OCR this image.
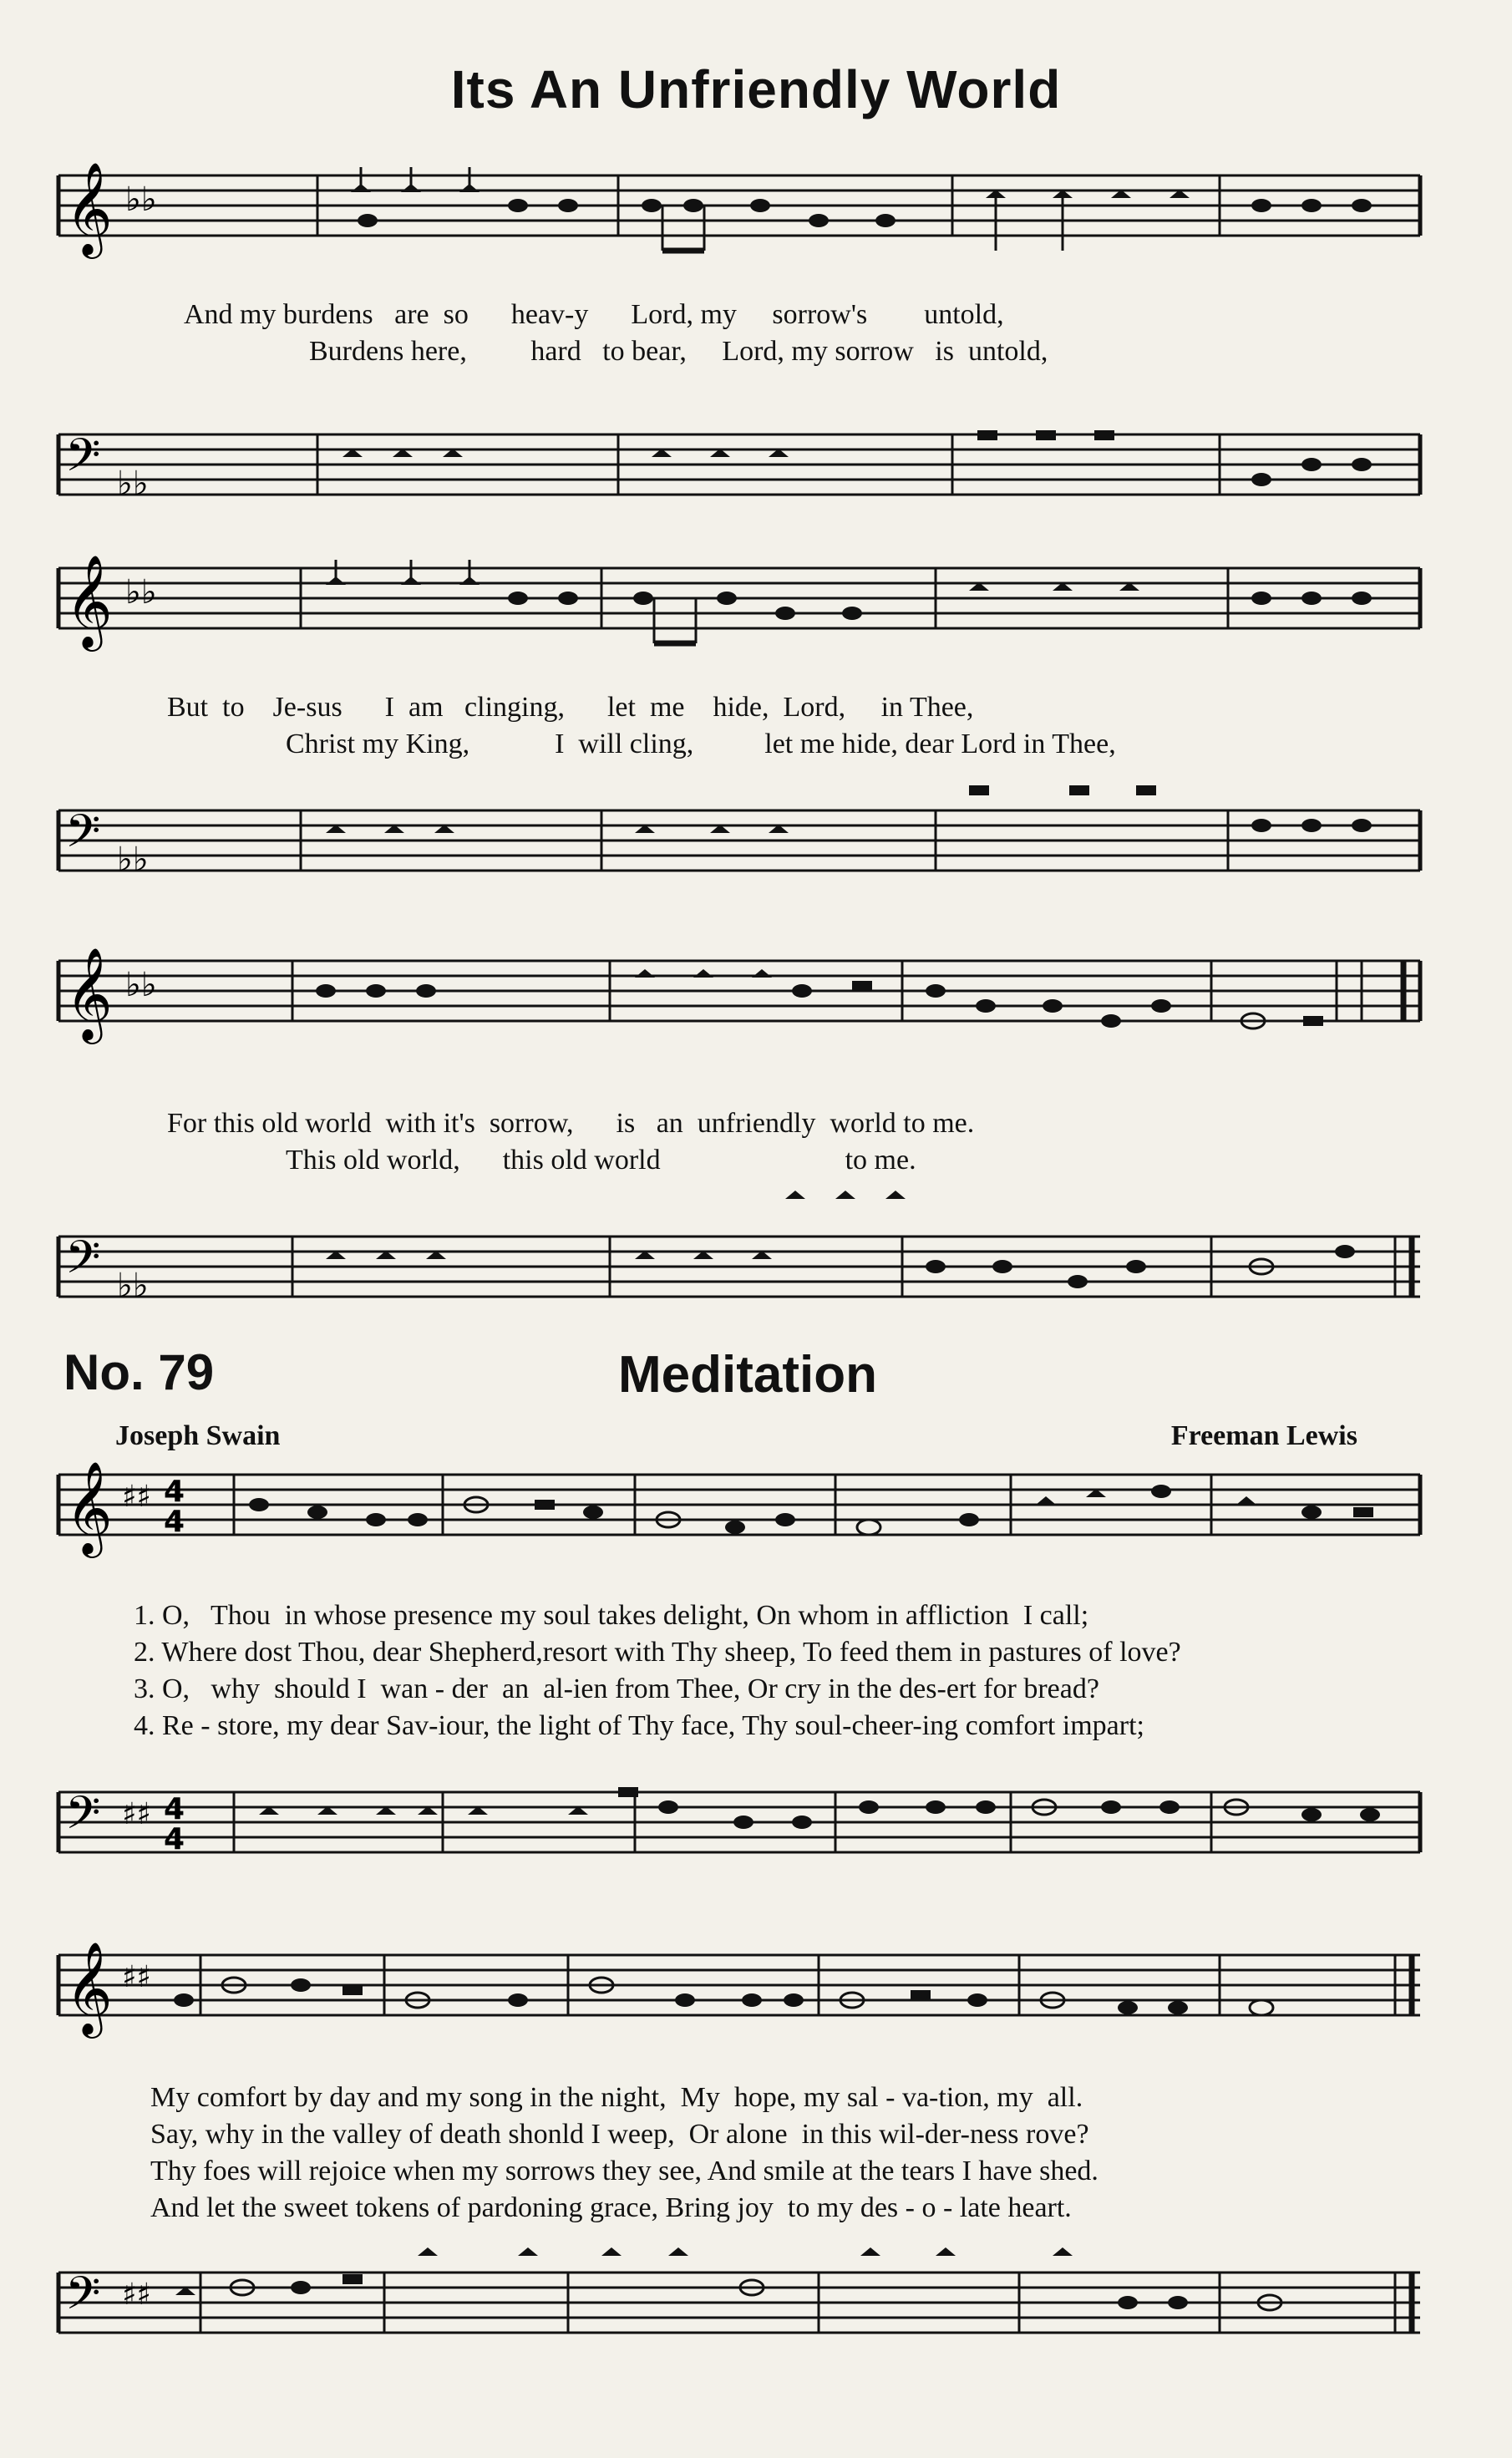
Its An Unfriendly World
𝄞 ♭♭
𝄢 ♭♭
And my burdens   are  so      heav-y      Lord, my     sorrow's        untold,
Burdens here,         hard   to bear,     Lord, my sorrow   is  untold,
𝄞 ♭♭
𝄢 ♭♭
But  to    Je-sus      I  am   clinging,      let  me    hide,  Lord,     in Thee,
Christ my King,            I  will cling,          let me hide, dear Lord in Thee,
𝄞 ♭♭
𝄢 ♭♭
For this old world  with it's  sorrow,      is   an  unfriendly  world to me.
This old world,      this old world                          to me.
No. 79	Meditation
Joseph Swain	Freeman Lewis
𝄞 ♯♯ 4
4
𝄢 ♯♯ 4
4
1. O,   Thou  in whose presence my soul takes delight, On whom in affliction  I call;
2. Where dost Thou, dear Shepherd,resort with Thy sheep, To feed them in pastures of love?
3. O,   why  should I  wan - der  an  al-ien from Thee, Or cry in the des-ert for bread?
4. Re - store, my dear Sav-iour, the light of Thy face, Thy soul-cheer-ing comfort impart;
𝄞 ♯♯
𝄢 ♯♯
My comfort by day and my song in the night,  My  hope, my sal - va-tion, my  all.
Say, why in the valley of death shonld I weep,  Or alone  in this wil-der-ness rove?
Thy foes will rejoice when my sorrows they see, And smile at the tears I have shed.
And let the sweet tokens of pardoning grace, Bring joy  to my des - o - late heart.
